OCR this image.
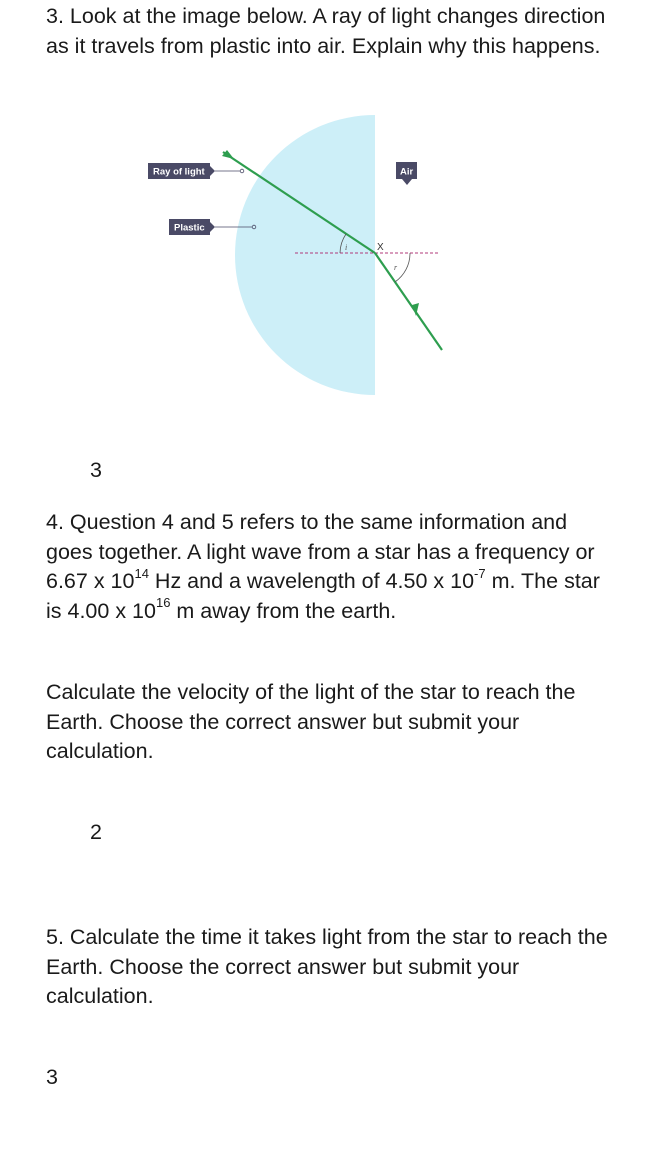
3. Look at the image below. A ray of light changes direction as it travels from plastic into air. Explain why this happens.

Ray of light
Plastic
Air
X
i
r
3

4. Question 4 and 5 refers to the same information and goes together. A light wave from a star has a frequency or 6.67 x $10^{14}$ Hz and a wavelength of 4.50 x $10^{-7}$ m. The star is 4.00 x $10^{16}$ m away from the earth.

Calculate the velocity of the light of the star to reach the Earth. Choose the correct answer but submit your calculation.

2

5. Calculate the time it takes light from the star to reach the Earth. Choose the correct answer but submit your calculation.

3
